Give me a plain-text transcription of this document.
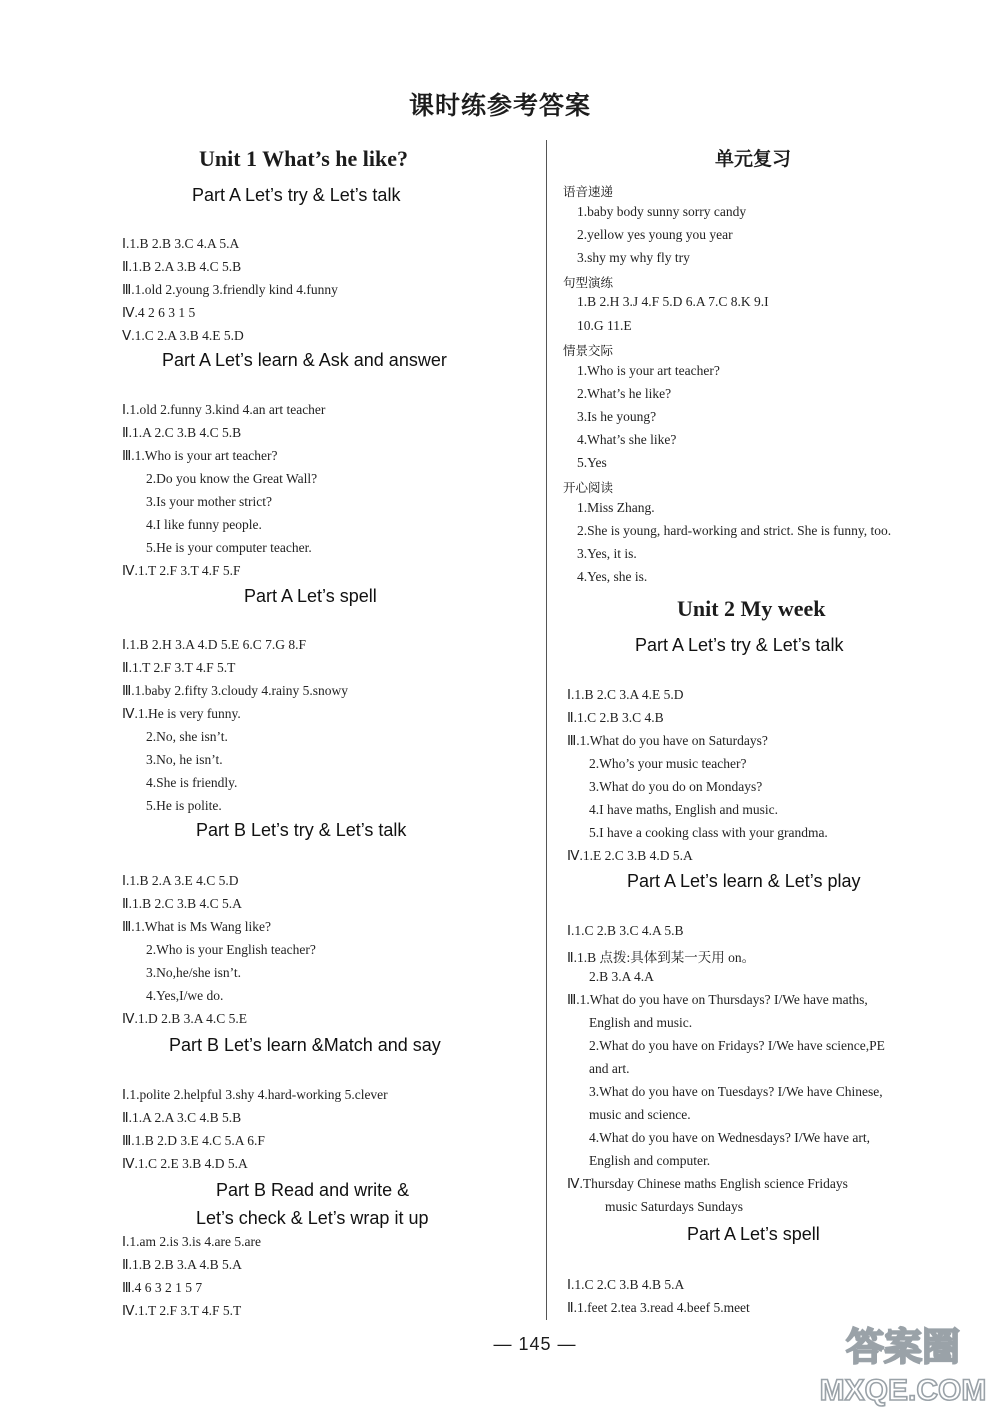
课时练参考答案
Unit 1 What’s he like?
Part A Let’s try & Let’s talk
Ⅰ.1.B 2.B 3.C 4.A 5.A
Ⅱ.1.B 2.A 3.B 4.C 5.B
Ⅲ.1.old 2.young 3.friendly kind 4.funny
Ⅳ.4 2 6 3 1 5
Ⅴ.1.C 2.A 3.B 4.E 5.D
Part A Let’s learn & Ask and answer
Ⅰ.1.old 2.funny 3.kind 4.an art teacher
Ⅱ.1.A 2.C 3.B 4.C 5.B
Ⅲ.1.Who is your art teacher?
2.Do you know the Great Wall?
3.Is your mother strict?
4.I like funny people.
5.He is your computer teacher.
Ⅳ.1.T 2.F 3.T 4.F 5.F
Part A Let’s spell
Ⅰ.1.B 2.H 3.A 4.D 5.E 6.C 7.G 8.F
Ⅱ.1.T 2.F 3.T 4.F 5.T
Ⅲ.1.baby 2.fifty 3.cloudy 4.rainy 5.snowy
Ⅳ.1.He is very funny.
2.No, she isn’t.
3.No, he isn’t.
4.She is friendly.
5.He is polite.
Part B Let’s try & Let’s talk
Ⅰ.1.B 2.A 3.E 4.C 5.D
Ⅱ.1.B 2.C 3.B 4.C 5.A
Ⅲ.1.What is Ms Wang like?
2.Who is your English teacher?
3.No,he/she isn’t.
4.Yes,I/we do.
Ⅳ.1.D 2.B 3.A 4.C 5.E
Part B Let’s learn &Match and say
Ⅰ.1.polite 2.helpful 3.shy 4.hard-working 5.clever
Ⅱ.1.A 2.A 3.C 4.B 5.B
Ⅲ.1.B 2.D 3.E 4.C 5.A 6.F
Ⅳ.1.C 2.E 3.B 4.D 5.A
Part B Read and write &
Let’s check & Let’s wrap it up
Ⅰ.1.am 2.is 3.is 4.are 5.are
Ⅱ.1.B 2.B 3.A 4.B 5.A
Ⅲ.4 6 3 2 1 5 7
Ⅳ.1.T 2.F 3.T 4.F 5.T
单元复习
语音速递
1.baby body sunny sorry candy
2.yellow yes young you year
3.shy my why fly try
句型演练
1.B 2.H 3.J 4.F 5.D 6.A 7.C 8.K 9.I
10.G 11.E
情景交际
1.Who is your art teacher?
2.What’s he like?
3.Is he young?
4.What’s she like?
5.Yes
开心阅读
1.Miss Zhang.
2.She is young, hard-working and strict. She is funny, too.
3.Yes, it is.
4.Yes, she is.
Unit 2 My week
Part A Let’s try & Let’s talk
Ⅰ.1.B 2.C 3.A 4.E 5.D
Ⅱ.1.C 2.B 3.C 4.B
Ⅲ.1.What do you have on Saturdays?
2.Who’s your music teacher?
3.What do you do on Mondays?
4.I have maths, English and music.
5.I have a cooking class with your grandma.
Ⅳ.1.E 2.C 3.B 4.D 5.A
Part A Let’s learn & Let’s play
Ⅰ.1.C 2.B 3.C 4.A 5.B
Ⅱ.1.B 点拨:具体到某一天用 on。
2.B 3.A 4.A
Ⅲ.1.What do you have on Thursdays? I/We have maths,
English and music.
2.What do you have on Fridays? I/We have science,PE
and art.
3.What do you have on Tuesdays? I/We have Chinese,
music and science.
4.What do you have on Wednesdays? I/We have art,
English and computer.
Ⅳ.Thursday Chinese maths English science Fridays
music Saturdays Sundays
Part A Let’s spell
Ⅰ.1.C 2.C 3.B 4.B 5.A
Ⅱ.1.feet 2.tea 3.read 4.beef 5.meet
— 145 —	答案圈
MXQE.COM
